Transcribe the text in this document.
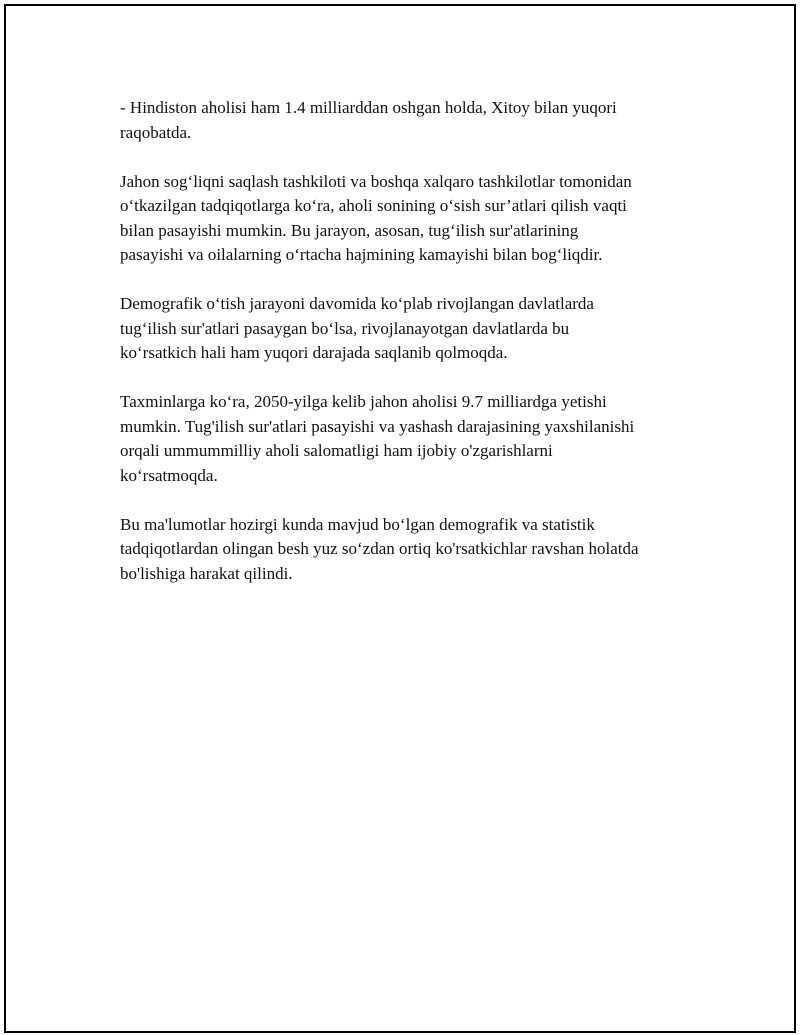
- Hindiston aholisi ham 1.4 milliarddan oshgan holda, Xitoy bilan yuqori
raqobatda.

Jahon sogʻliqni saqlash tashkiloti va boshqa xalqaro tashkilotlar tomonidan
oʻtkazilgan tadqiqotlarga koʻra, aholi sonining oʻsish sur’atlari qilish vaqti
bilan pasayishi mumkin. Bu jarayon, asosan, tugʻilish sur'atlarining
pasayishi va oilalarning oʻrtacha hajmining kamayishi bilan bogʻliqdir.

Demografik oʻtish jarayoni davomida koʻplab rivojlangan davlatlarda
tugʻilish sur'atlari pasaygan boʻlsa, rivojlanayotgan davlatlarda bu
koʻrsatkich hali ham yuqori darajada saqlanib qolmoqda.

Taxminlarga koʻra, 2050-yilga kelib jahon aholisi 9.7 milliardga yetishi
mumkin. Tug'ilish sur'atlari pasayishi va yashash darajasining yaxshilanishi
orqali ummummilliy aholi salomatligi ham ijobiy o'zgarishlarni
koʻrsatmoqda.

Bu ma'lumotlar hozirgi kunda mavjud boʻlgan demografik va statistik
tadqiqotlardan olingan besh yuz soʻzdan ortiq ko'rsatkichlar ravshan holatda
bo'lishiga harakat qilindi.
